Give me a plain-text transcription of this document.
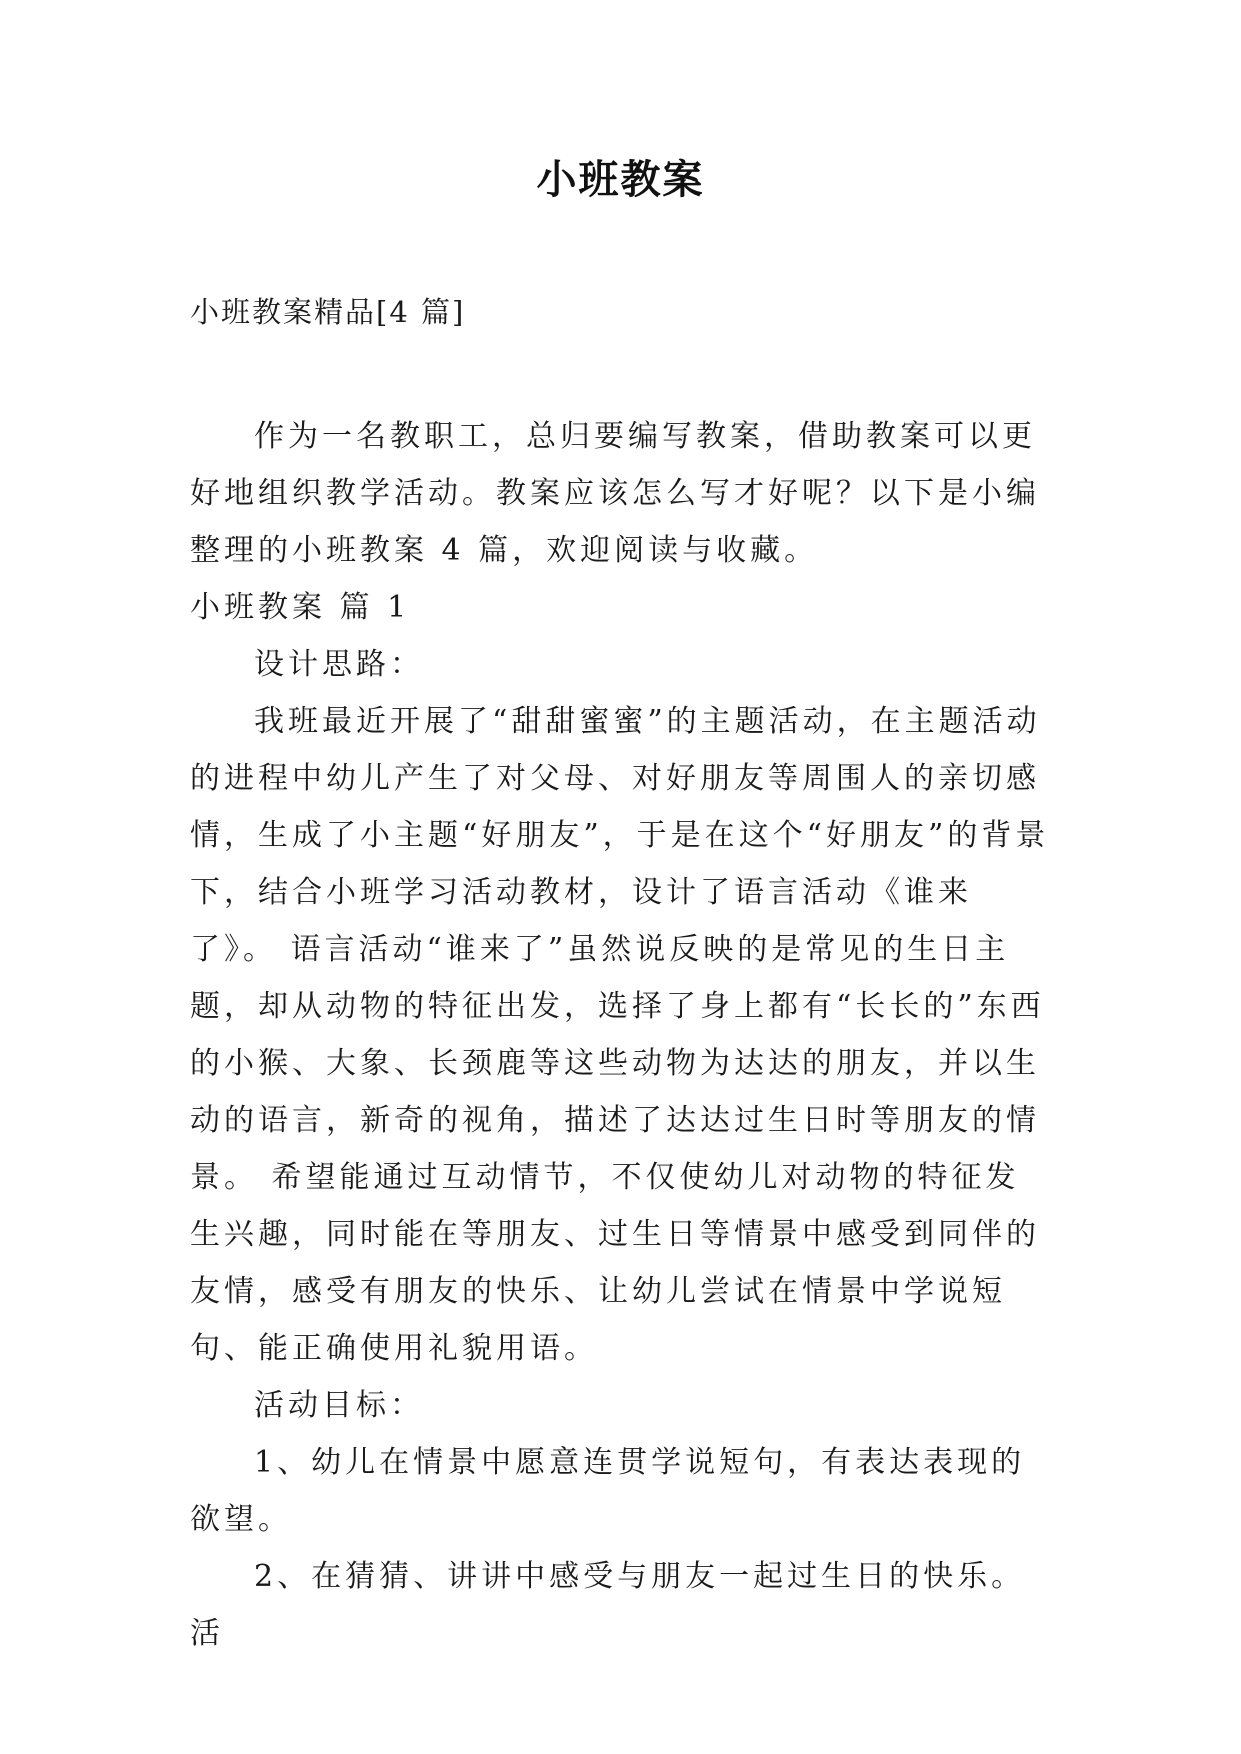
小班教案
小班教案精品[4 篇]

作为一名教职工，总归要编写教案，借助教案可以更好地组织教学活动。教案应该怎么写才好呢？以下是小编整理的小班教案 4 篇，欢迎阅读与收藏。

小班教案 篇 1

设计思路：

我班最近开展了“甜甜蜜蜜”的主题活动，在主题活动的进程中幼儿产生了对父母、对好朋友等周围人的亲切感情，生成了小主题“好朋友”，于是在这个“好朋友”的背景下，结合小班学习活动教材，设计了语言活动《谁来了》。 语言活动“谁来了”虽然说反映的是常见的生日主题，却从动物的特征出发，选择了身上都有“长长的”东西的小猴、大象、长颈鹿等这些动物为达达的朋友，并以生动的语言，新奇的视角，描述了达达过生日时等朋友的情景。 希望能通过互动情节，不仅使幼儿对动物的特征发生兴趣，同时能在等朋友、过生日等情景中感受到同伴的友情，感受有朋友的快乐、让幼儿尝试在情景中学说短句、能正确使用礼貌用语。

活动目标：

1、幼儿在情景中愿意连贯学说短句，有表达表现的欲望。

2、在猜猜、讲讲中感受与朋友一起过生日的快乐。活
